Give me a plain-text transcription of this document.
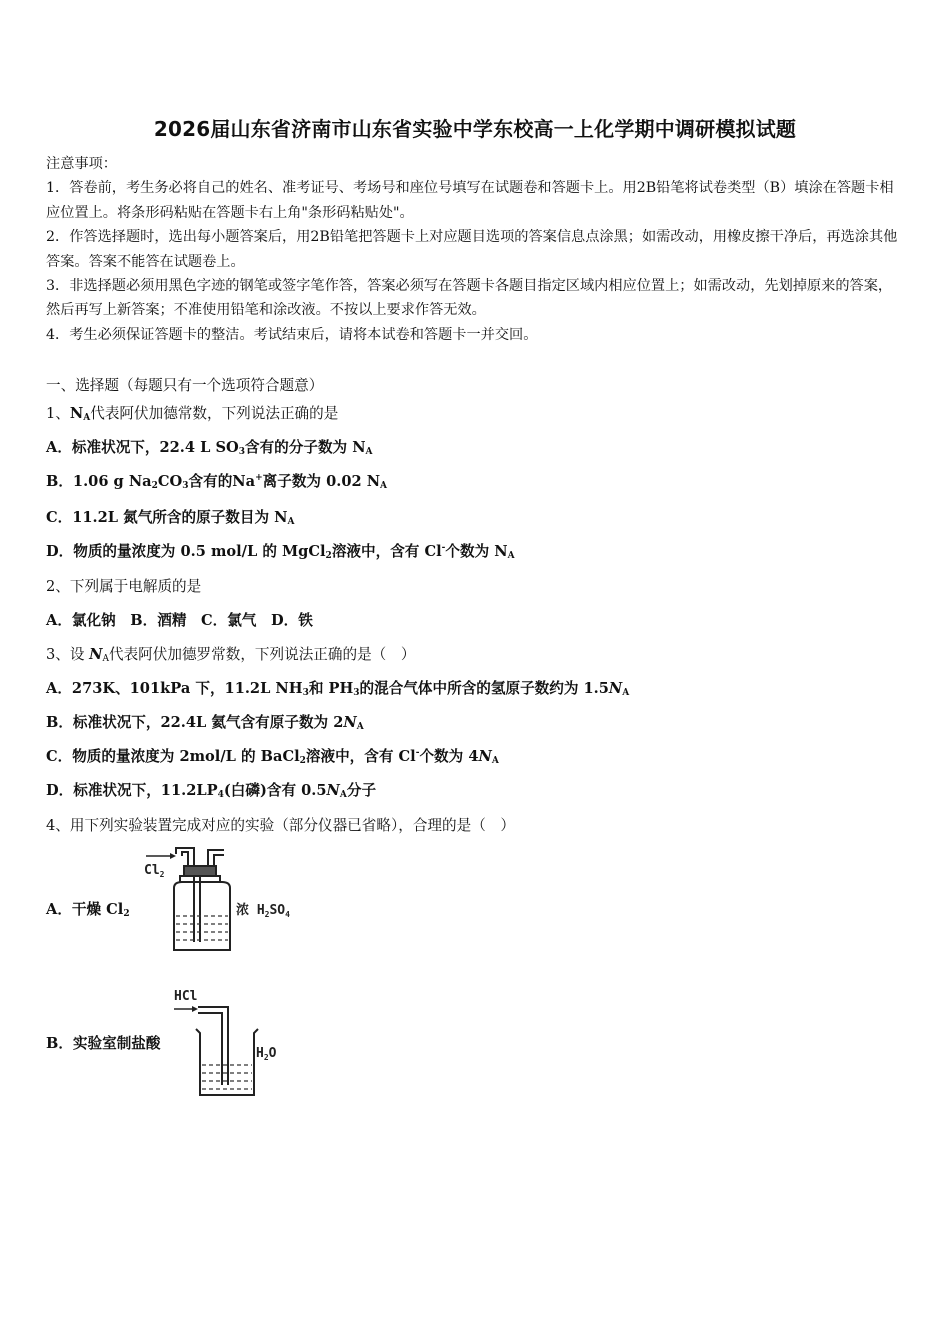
2026届山东省济南市山东省实验中学东校高一上化学期中调研模拟试题

注意事项：

1．答卷前，考生务必将自己的姓名、准考证号、考场号和座位号填写在试题卷和答题卡上。用2B铅笔将试卷类型（B）填涂在答题卡相应位置上。将条形码粘贴在答题卡右上角"条形码粘贴处"。

2．作答选择题时，选出每小题答案后，用2B铅笔把答题卡上对应题目选项的答案信息点涂黑；如需改动，用橡皮擦干净后，再选涂其他答案。答案不能答在试题卷上。

3．非选择题必须用黑色字迹的钢笔或签字笔作答，答案必须写在答题卡各题目指定区域内相应位置上；如需改动，先划掉原来的答案，然后再写上新答案；不准使用铅笔和涂改液。不按以上要求作答无效。

4．考生必须保证答题卡的整洁。考试结束后，请将本试卷和答题卡一并交回。

一、选择题（每题只有一个选项符合题意）
1、$N_A$代表阿伏加德常数，下列说法正确的是
A．标准状况下，22.4 L $SO_3$含有的分子数为 $N_A$
B．1.06 g $Na_2CO_3$含有的Na+离子数为 0.02 $N_A$
C．11.2L 氮气所含的原子数目为 $N_A$
D．物质的量浓度为 0.5 mol/L 的 MgCl$_2$溶液中，含有 Cl-个数为 $N_A$
2、下列属于电解质的是
A．氯化钠　B．酒精　C．氯气　D．铁
3、设 $N_A$代表阿伏加德罗常数，下列说法正确的是（　）
A．273K、101kPa 下，11.2L $NH_3$和 $PH_3$的混合气体中所含的氢原子数约为 $1.5N_A$
B．标准状况下，22.4L 氦气含有原子数为 $2N_A$
C．物质的量浓度为 2mol/L 的 BaCl$_2$溶液中，含有 Cl-个数为 $4N_A$
D．标准状况下，$11.2LP_4$(白磷)含有 $0.5N_A$分子
4、用下列实验装置完成对应的实验（部分仪器已省略），合理的是（　）
A．干燥 $Cl_2$
$Cl_2$
浓 $H_2SO_4$
B．实验室制盐酸
HCl
$H_2O$
